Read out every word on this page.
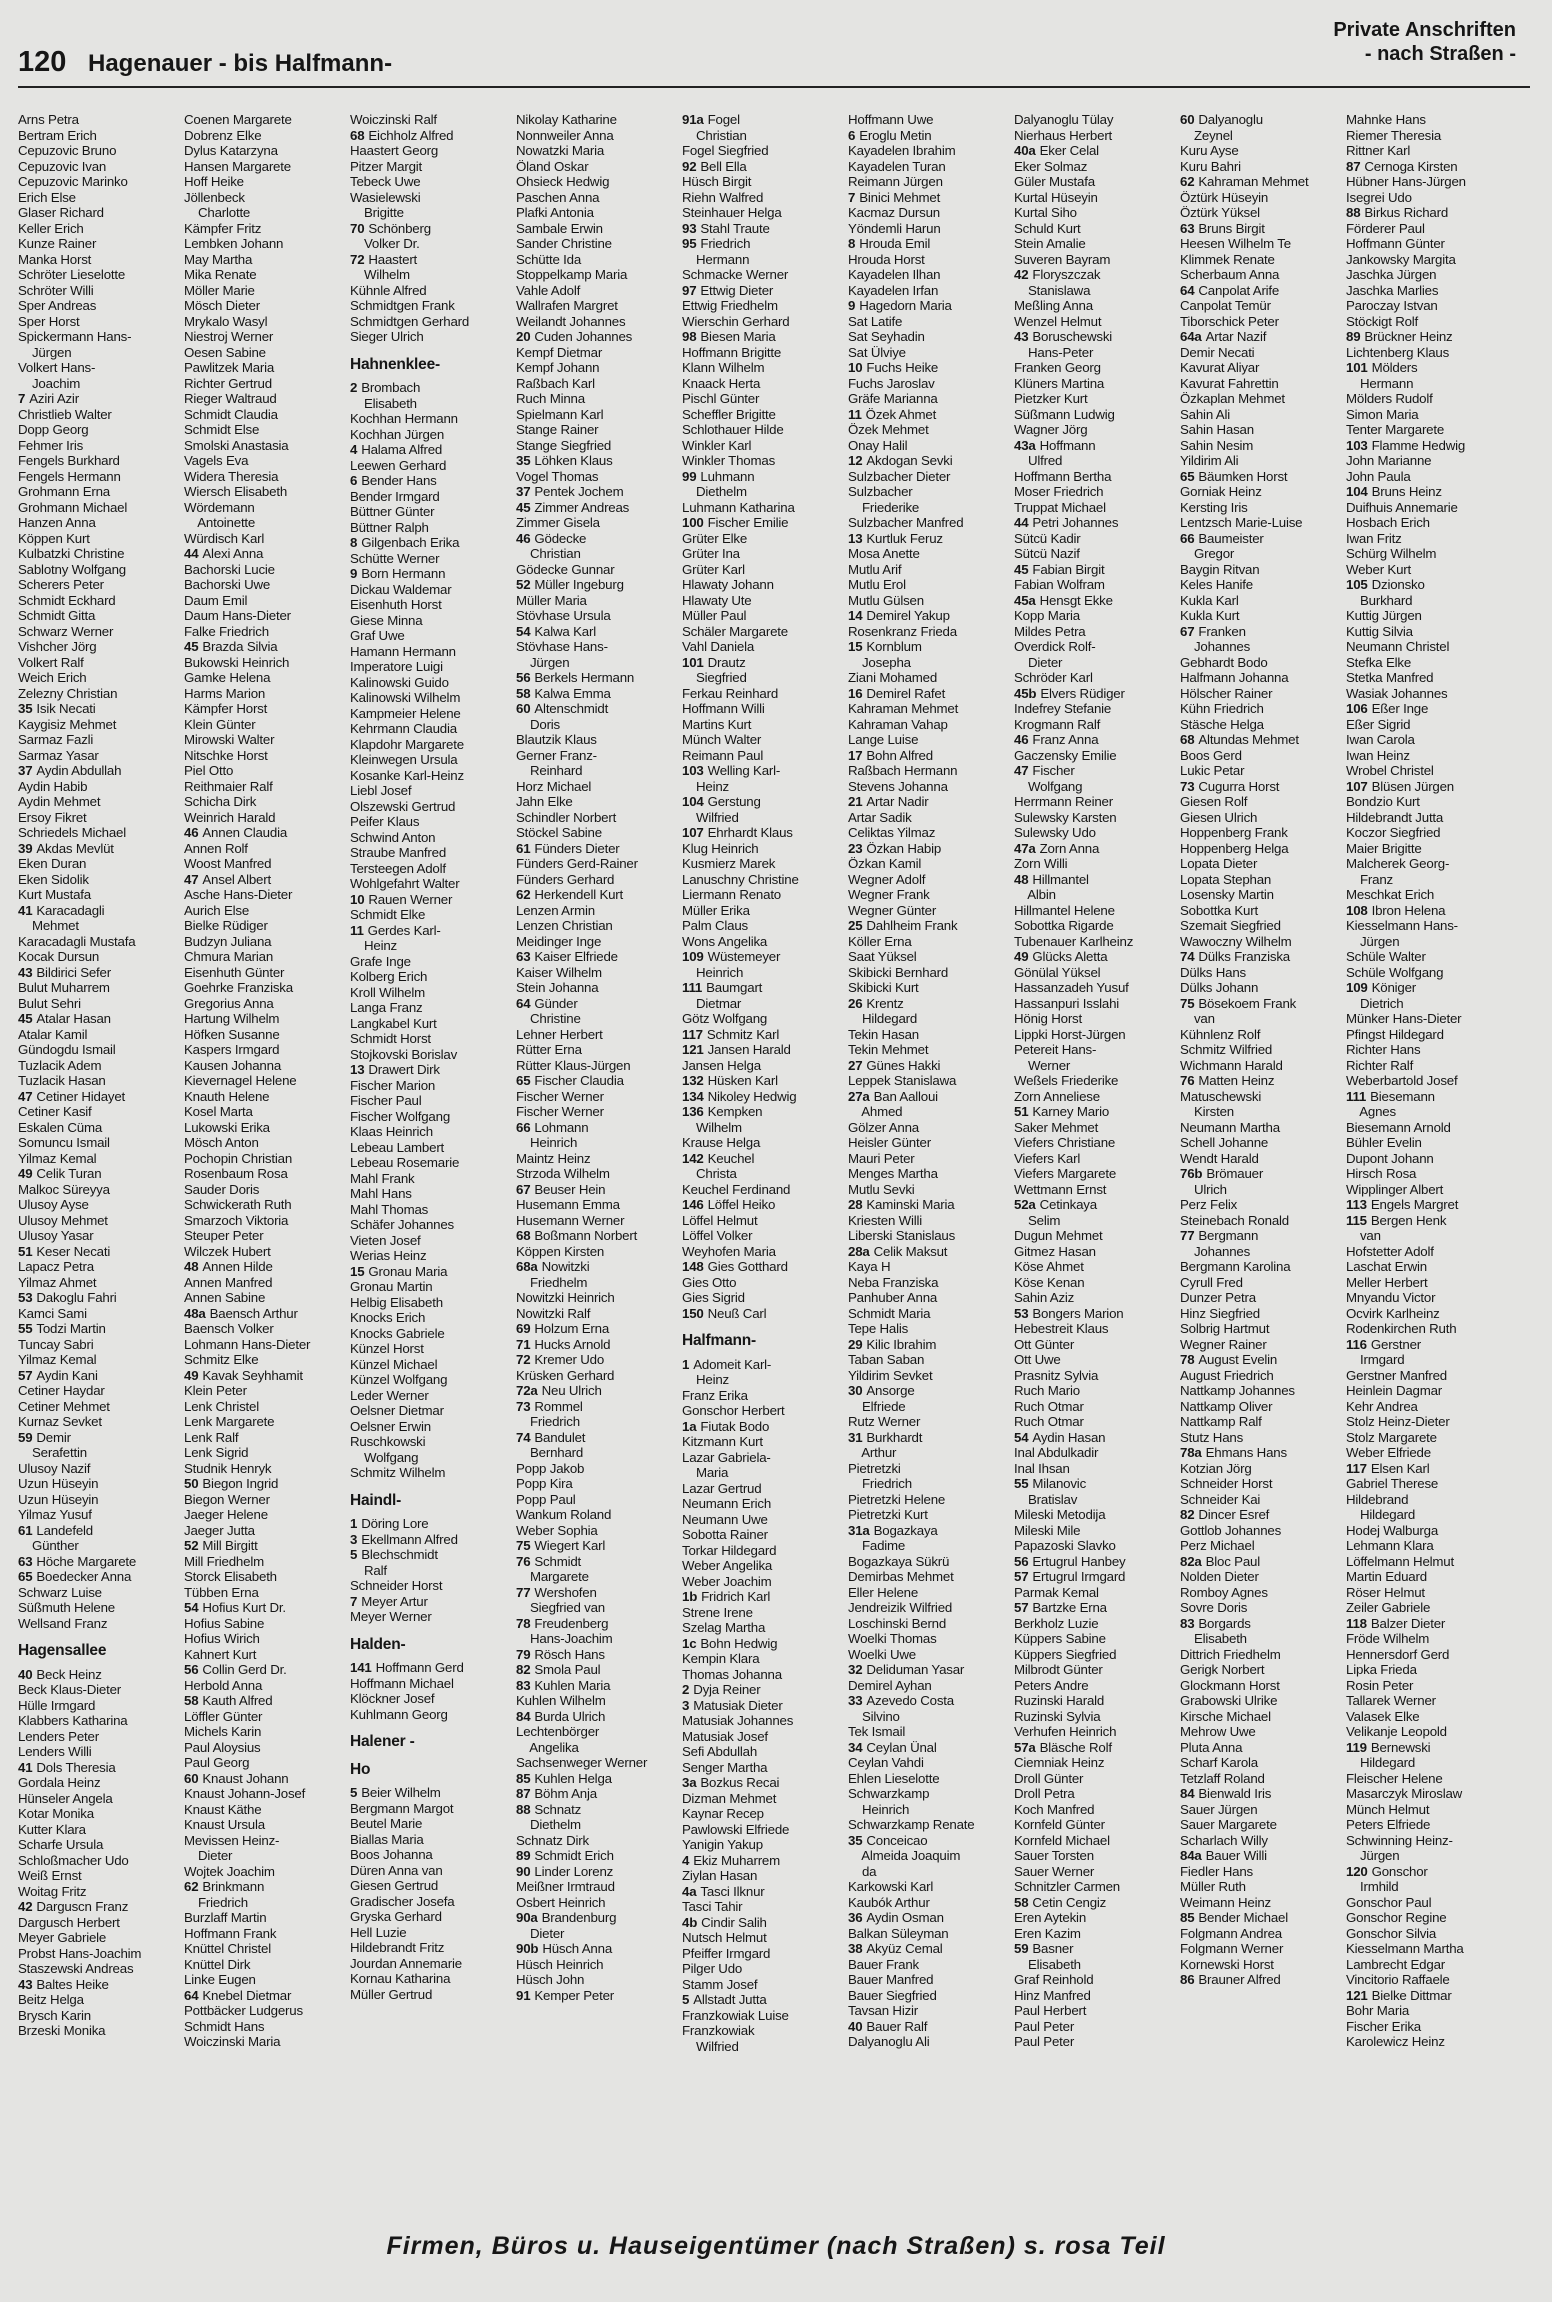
120 Hagenauer - bis Halfmann-
Private Anschriften
- nach Straßen -
Arns Petra
Bertram Erich
Cepuzovic Bruno
Cepuzovic Ivan
Cepuzovic Marinko
Erich Else
Glaser Richard
Keller Erich
Kunze Rainer
Manka Horst
Schröter Lieselotte
Schröter Willi
Sper Andreas
Sper Horst
Spickermann Hans-
Jürgen
Volkert Hans-
Joachim
7 Aziri Azir
Christlieb Walter
Dopp Georg
Fehmer Iris
Fengels Burkhard
Fengels Hermann
Grohmann Erna
Grohmann Michael
Hanzen Anna
Köppen Kurt
Kulbatzki Christine
Sablotny Wolfgang
Scherers Peter
Schmidt Eckhard
Schmidt Gitta
Schwarz Werner
Vishcher Jörg
Volkert Ralf
Weich Erich
Zelezny Christian
35 Isik Necati
Kaygisiz Mehmet
Sarmaz Fazli
Sarmaz Yasar
37 Aydin Abdullah
Aydin Habib
Aydin Mehmet
Ersoy Fikret
Schriedels Michael
39 Akdas Mevlüt
Eken Duran
Eken Sidolik
Kurt Mustafa
41 Karacadagli
Mehmet
Karacadagli Mustafa
Kocak Dursun
43 Bildirici Sefer
Bulut Muharrem
Bulut Sehri
45 Atalar Hasan
Atalar Kamil
Gündogdu Ismail
Tuzlacik Adem
Tuzlacik Hasan
47 Cetiner Hidayet
Cetiner Kasif
Eskalen Cüma
Somuncu Ismail
Yilmaz Kemal
49 Celik Turan
Malkoc Süreyya
Ulusoy Ayse
Ulusoy Mehmet
Ulusoy Yasar
51 Keser Necati
Lapacz Petra
Yilmaz Ahmet
53 Dakoglu Fahri
Kamci Sami
55 Todzi Martin
Tuncay Sabri
Yilmaz Kemal
57 Aydin Kani
Cetiner Haydar
Cetiner Mehmet
Kurnaz Sevket
59 Demir
Serafettin
Ulusoy Nazif
Uzun Hüseyin
Uzun Hüseyin
Yilmaz Yusuf
61 Landefeld
Günther
63 Höche Margarete
65 Boedecker Anna
Schwarz Luise
Süßmuth Helene
Wellsand Franz
Hagensallee
40 Beck Heinz
Beck Klaus-Dieter
Hülle Irmgard
Klabbers Katharina
Lenders Peter
Lenders Willi
41 Dols Theresia
Gordala Heinz
Hünseler Angela
Kotar Monika
Kutter Klara
Scharfe Ursula
Schloßmacher Udo
Weiß Ernst
Woitag Fritz
42 Darguscn Franz
Dargusch Herbert
Meyer Gabriele
Probst Hans-Joachim
Staszewski Andreas
43 Baltes Heike
Beitz Helga
Brysch Karin
Brzeski Monika
Coenen Margarete
Dobrenz Elke
Dylus Katarzyna
Hansen Margarete
Hoff Heike
Jöllenbeck
Charlotte
Kämpfer Fritz
Lembken Johann
May Martha
Mika Renate
Möller Marie
Mösch Dieter
Mrykalo Wasyl
Niestroj Werner
Oesen Sabine
Pawlitzek Maria
Richter Gertrud
Rieger Waltraud
Schmidt Claudia
Schmidt Else
Smolski Anastasia
Vagels Eva
Widera Theresia
Wiersch Elisabeth
Wördemann
Antoinette
Würdisch Karl
44 Alexi Anna
Bachorski Lucie
Bachorski Uwe
Daum Emil
Daum Hans-Dieter
Falke Friedrich
45 Brazda Silvia
Bukowski Heinrich
Gamke Helena
Harms Marion
Kämpfer Horst
Klein Günter
Mirowski Walter
Nitschke Horst
Piel Otto
Reithmaier Ralf
Schicha Dirk
Weinrich Harald
46 Annen Claudia
Annen Rolf
Woost Manfred
47 Ansel Albert
Asche Hans-Dieter
Aurich Else
Bielke Rüdiger
Budzyn Juliana
Chmura Marian
Eisenhuth Günter
Goehrke Franziska
Gregorius Anna
Hartung Wilhelm
Höfken Susanne
Kaspers Irmgard
Kausen Johanna
Kievernagel Helene
Knauth Helene
Kosel Marta
Lukowski Erika
Mösch Anton
Pochopin Christian
Rosenbaum Rosa
Sauder Doris
Schwickerath Ruth
Smarzoch Viktoria
Steuper Peter
Wilczek Hubert
48 Annen Hilde
Annen Manfred
Annen Sabine
48a Baensch Arthur
Baensch Volker
Lohmann Hans-Dieter
Schmitz Elke
49 Kavak Seyhhamit
Klein Peter
Lenk Christel
Lenk Margarete
Lenk Ralf
Lenk Sigrid
Studnik Henryk
50 Biegon Ingrid
Biegon Werner
Jaeger Helene
Jaeger Jutta
52 Mill Birgitt
Mill Friedhelm
Storck Elisabeth
Tübben Erna
54 Hofius Kurt Dr.
Hofius Sabine
Hofius Wirich
Kahnert Kurt
56 Collin Gerd Dr.
Herbold Anna
58 Kauth Alfred
Löffler Günter
Michels Karin
Paul Aloysius
Paul Georg
60 Knaust Johann
Knaust Johann-Josef
Knaust Käthe
Knaust Ursula
Mevissen Heinz-
Dieter
Wojtek Joachim
62 Brinkmann
Friedrich
Burzlaff Martin
Hoffmann Frank
Knüttel Christel
Knüttel Dirk
Linke Eugen
64 Knebel Dietmar
Pottbäcker Ludgerus
Schmidt Hans
Woiczinski Maria
Woiczinski Ralf
68 Eichholz Alfred
Haastert Georg
Pitzer Margit
Tebeck Uwe
Wasielewski
Brigitte
70 Schönberg
Volker Dr.
72 Haastert
Wilhelm
Kühnle Alfred
Schmidtgen Frank
Schmidtgen Gerhard
Sieger Ulrich
Hahnenklee-
2 Brombach
Elisabeth
Kochhan Hermann
Kochhan Jürgen
4 Halama Alfred
Leewen Gerhard
6 Bender Hans
Bender Irmgard
Büttner Günter
Büttner Ralph
8 Gilgenbach Erika
Schütte Werner
9 Born Hermann
Dickau Waldemar
Eisenhuth Horst
Giese Minna
Graf Uwe
Hamann Hermann
Imperatore Luigi
Kalinowski Guido
Kalinowski Wilhelm
Kampmeier Helene
Kehrmann Claudia
Klapdohr Margarete
Kleinwegen Ursula
Kosanke Karl-Heinz
Liebl Josef
Olszewski Gertrud
Peifer Klaus
Schwind Anton
Straube Manfred
Tersteegen Adolf
Wohlgefahrt Walter
10 Rauen Werner
Schmidt Elke
11 Gerdes Karl-
Heinz
Grafe Inge
Kolberg Erich
Kroll Wilhelm
Langa Franz
Langkabel Kurt
Schmidt Horst
Stojkovski Borislav
13 Drawert Dirk
Fischer Marion
Fischer Paul
Fischer Wolfgang
Klaas Heinrich
Lebeau Lambert
Lebeau Rosemarie
Mahl Frank
Mahl Hans
Mahl Thomas
Schäfer Johannes
Vieten Josef
Werias Heinz
15 Gronau Maria
Gronau Martin
Helbig Elisabeth
Knocks Erich
Knocks Gabriele
Künzel Horst
Künzel Michael
Künzel Wolfgang
Leder Werner
Oelsner Dietmar
Oelsner Erwin
Ruschkowski
Wolfgang
Schmitz Wilhelm
Haindl-
1 Döring Lore
3 Ekellmann Alfred
5 Blechschmidt
Ralf
Schneider Horst
7 Meyer Artur
Meyer Werner
Halden-
141 Hoffmann Gerd
Hoffmann Michael
Klöckner Josef
Kuhlmann Georg
Halener -
Ho
5 Beier Wilhelm
Bergmann Margot
Beutel Marie
Biallas Maria
Boos Johanna
Düren Anna van
Giesen Gertrud
Gradischer Josefa
Gryska Gerhard
Hell Luzie
Hildebrandt Fritz
Jourdan Annemarie
Kornau Katharina
Müller Gertrud
Nikolay Katharine
Nonnweiler Anna
Nowatzki Maria
Öland Oskar
Ohsieck Hedwig
Paschen Anna
Plafki Antonia
Sambale Erwin
Sander Christine
Schütte Ida
Stoppelkamp Maria
Vahle Adolf
Wallrafen Margret
Weilandt Johannes
20 Cuden Johannes
Kempf Dietmar
Kempf Johann
Raßbach Karl
Ruch Minna
Spielmann Karl
Stange Rainer
Stange Siegfried
35 Löhken Klaus
Vogel Thomas
37 Pentek Jochem
45 Zimmer Andreas
Zimmer Gisela
46 Gödecke
Christian
Gödecke Gunnar
52 Müller Ingeburg
Müller Maria
Stövhase Ursula
54 Kalwa Karl
Stövhase Hans-
Jürgen
56 Berkels Hermann
58 Kalwa Emma
60 Altenschmidt
Doris
Blautzik Klaus
Gerner Franz-
Reinhard
Horz Michael
Jahn Elke
Schindler Norbert
Stöckel Sabine
61 Fünders Dieter
Fünders Gerd-Rainer
Fünders Gerhard
62 Herkendell Kurt
Lenzen Armin
Lenzen Christian
Meidinger Inge
63 Kaiser Elfriede
Kaiser Wilhelm
Stein Johanna
64 Günder
Christine
Lehner Herbert
Rütter Erna
Rütter Klaus-Jürgen
65 Fischer Claudia
Fischer Werner
Fischer Werner
66 Lohmann
Heinrich
Maintz Heinz
Strzoda Wilhelm
67 Beuser Hein
Husemann Emma
Husemann Werner
68 Boßmann Norbert
Köppen Kirsten
68a Nowitzki
Friedhelm
Nowitzki Heinrich
Nowitzki Ralf
69 Holzum Erna
71 Hucks Arnold
72 Kremer Udo
Krüsken Gerhard
72a Neu Ulrich
73 Rommel
Friedrich
74 Bandulet
Bernhard
Popp Jakob
Popp Kira
Popp Paul
Wankum Roland
Weber Sophia
75 Wiegert Karl
76 Schmidt
Margarete
77 Wershofen
Siegfried van
78 Freudenberg
Hans-Joachim
79 Rösch Hans
82 Smola Paul
83 Kuhlen Maria
Kuhlen Wilhelm
84 Burda Ulrich
Lechtenbörger
Angelika
Sachsenweger Werner
85 Kuhlen Helga
87 Böhm Anja
88 Schnatz
Diethelm
Schnatz Dirk
89 Schmidt Erich
90 Linder Lorenz
Meißner Irmtraud
Osbert Heinrich
90a Brandenburg
Dieter
90b Hüsch Anna
Hüsch Heinrich
Hüsch John
91 Kemper Peter
91a Fogel
Christian
Fogel Siegfried
92 Bell Ella
Hüsch Birgit
Riehn Walfred
Steinhauer Helga
93 Stahl Traute
95 Friedrich
Hermann
Schmacke Werner
97 Ettwig Dieter
Ettwig Friedhelm
Wierschin Gerhard
98 Biesen Maria
Hoffmann Brigitte
Klann Wilhelm
Knaack Herta
Pischl Günter
Scheffler Brigitte
Schlothauer Hilde
Winkler Karl
Winkler Thomas
99 Luhmann
Diethelm
Luhmann Katharina
100 Fischer Emilie
Grüter Elke
Grüter Ina
Grüter Karl
Hlawaty Johann
Hlawaty Ute
Müller Paul
Schäler Margarete
Vahl Daniela
101 Drautz
Siegfried
Ferkau Reinhard
Hoffmann Willi
Martins Kurt
Münch Walter
Reimann Paul
103 Welling Karl-
Heinz
104 Gerstung
Wilfried
107 Ehrhardt Klaus
Klug Heinrich
Kusmierz Marek
Lanuschny Christine
Liermann Renato
Müller Erika
Palm Claus
Wons Angelika
109 Wüstemeyer
Heinrich
111 Baumgart
Dietmar
Götz Wolfgang
117 Schmitz Karl
121 Jansen Harald
Jansen Helga
132 Hüsken Karl
134 Nikoley Hedwig
136 Kempken
Wilhelm
Krause Helga
142 Keuchel
Christa
Keuchel Ferdinand
146 Löffel Heiko
Löffel Helmut
Löffel Volker
Weyhofen Maria
148 Gies Gotthard
Gies Otto
Gies Sigrid
150 Neuß Carl
Halfmann-
1 Adomeit Karl-
Heinz
Franz Erika
Gonschor Herbert
1a Fiutak Bodo
Kitzmann Kurt
Lazar Gabriela-
Maria
Lazar Gertrud
Neumann Erich
Neumann Uwe
Sobotta Rainer
Torkar Hildegard
Weber Angelika
Weber Joachim
1b Fridrich Karl
Strene Irene
Szelag Martha
1c Bohn Hedwig
Kempin Klara
Thomas Johanna
2 Dyja Reiner
3 Matusiak Dieter
Matusiak Johannes
Matusiak Josef
Sefi Abdullah
Senger Martha
3a Bozkus Recai
Dizman Mehmet
Kaynar Recep
Pawlowski Elfriede
Yanigin Yakup
4 Ekiz Muharrem
Ziylan Hasan
4a Tasci Ilknur
Tasci Tahir
4b Cindir Salih
Nutsch Helmut
Pfeiffer Irmgard
Pilger Udo
Stamm Josef
5 Allstadt Jutta
Franzkowiak Luise
Franzkowiak
Wilfried
Hoffmann Uwe
6 Eroglu Metin
Kayadelen Ibrahim
Kayadelen Turan
Reimann Jürgen
7 Binici Mehmet
Kacmaz Dursun
Yöndemli Harun
8 Hrouda Emil
Hrouda Horst
Kayadelen Ilhan
Kayadelen Irfan
9 Hagedorn Maria
Sat Latife
Sat Seyhadin
Sat Ülviye
10 Fuchs Heike
Fuchs Jaroslav
Gräfe Marianna
11 Özek Ahmet
Özek Mehmet
Onay Halil
12 Akdogan Sevki
Sulzbacher Dieter
Sulzbacher
Friederike
Sulzbacher Manfred
13 Kurtluk Feruz
Mosa Anette
Mutlu Arif
Mutlu Erol
Mutlu Gülsen
14 Demirel Yakup
Rosenkranz Frieda
15 Kornblum
Josepha
Ziani Mohamed
16 Demirel Rafet
Kahraman Mehmet
Kahraman Vahap
Lange Luise
17 Bohn Alfred
Raßbach Hermann
Stevens Johanna
21 Artar Nadir
Artar Sadik
Celiktas Yilmaz
23 Özkan Habip
Özkan Kamil
Wegner Adolf
Wegner Frank
Wegner Günter
25 Dahlheim Frank
Köller Erna
Saat Yüksel
Skibicki Bernhard
Skibicki Kurt
26 Krentz
Hildegard
Tekin Hasan
Tekin Mehmet
27 Günes Hakki
Leppek Stanislawa
27a Ban Aalloui
Ahmed
Gölzer Anna
Heisler Günter
Mauri Peter
Menges Martha
Mutlu Sevki
28 Kaminski Maria
Kriesten Willi
Liberski Stanislaus
28a Celik Maksut
Kaya H
Neba Franziska
Panhuber Anna
Schmidt Maria
Tepe Halis
29 Kilic Ibrahim
Taban Saban
Yildirim Sevket
30 Ansorge
Elfriede
Rutz Werner
31 Burkhardt
Arthur
Pietretzki
Friedrich
Pietretzki Helene
Pietretzki Kurt
31a Bogazkaya
Fadime
Bogazkaya Sükrü
Demirbas Mehmet
Eller Helene
Jendreizik Wilfried
Loschinski Bernd
Woelki Thomas
Woelki Uwe
32 Deliduman Yasar
Demirel Ayhan
33 Azevedo Costa
Silvino
Tek Ismail
34 Ceylan Ünal
Ceylan Vahdi
Ehlen Lieselotte
Schwarzkamp
Heinrich
Schwarzkamp Renate
35 Conceicao
Almeida Joaquim
da
Karkowski Karl
Kaubók Arthur
36 Aydin Osman
Balkan Süleyman
38 Akyüz Cemal
Bauer Frank
Bauer Manfred
Bauer Siegfried
Tavsan Hizir
40 Bauer Ralf
Dalyanoglu Ali
Dalyanoglu Tülay
Nierhaus Herbert
40a Eker Celal
Eker Solmaz
Güler Mustafa
Kurtal Hüseyin
Kurtal Siho
Schuld Kurt
Stein Amalie
Suveren Bayram
42 Floryszczak
Stanislawa
Meßling Anna
Wenzel Helmut
43 Boruschewski
Hans-Peter
Franken Georg
Klüners Martina
Pietzker Kurt
Süßmann Ludwig
Wagner Jörg
43a Hoffmann
Ulfred
Hoffmann Bertha
Moser Friedrich
Truppat Michael
44 Petri Johannes
Sütcü Kadir
Sütcü Nazif
45 Fabian Birgit
Fabian Wolfram
45a Hensgt Ekke
Kopp Maria
Mildes Petra
Overdick Rolf-
Dieter
Schröder Karl
45b Elvers Rüdiger
Indefrey Stefanie
Krogmann Ralf
46 Franz Anna
Gaczensky Emilie
47 Fischer
Wolfgang
Herrmann Reiner
Sulewsky Karsten
Sulewsky Udo
47a Zorn Anna
Zorn Willi
48 Hillmantel
Albin
Hillmantel Helene
Sobottka Rigarde
Tubenauer Karlheinz
49 Glücks Aletta
Gönülal Yüksel
Hassanzadeh Yusuf
Hassanpuri Isslahi
Hönig Horst
Lippki Horst-Jürgen
Petereit Hans-
Werner
Weßels Friederike
Zorn Anneliese
51 Karney Mario
Saker Mehmet
Viefers Christiane
Viefers Karl
Viefers Margarete
Wettmann Ernst
52a Cetinkaya
Selim
Dugun Mehmet
Gitmez Hasan
Köse Ahmet
Köse Kenan
Sahin Aziz
53 Bongers Marion
Hebestreit Klaus
Ott Günter
Ott Uwe
Prasnitz Sylvia
Ruch Mario
Ruch Otmar
Ruch Otmar
54 Aydin Hasan
Inal Abdulkadir
Inal Ihsan
55 Milanovic
Bratislav
Mileski Metodija
Mileski Mile
Papazoski Slavko
56 Ertugrul Hanbey
57 Ertugrul Irmgard
Parmak Kemal
57 Bartzke Erna
Berkholz Luzie
Küppers Sabine
Küppers Siegfried
Milbrodt Günter
Peters Andre
Ruzinski Harald
Ruzinski Sylvia
Verhufen Heinrich
57a Bläsche Rolf
Ciemniak Heinz
Droll Günter
Droll Petra
Koch Manfred
Kornfeld Günter
Kornfeld Michael
Sauer Torsten
Sauer Werner
Schnitzler Carmen
58 Cetin Cengiz
Eren Aytekin
Eren Kazim
59 Basner
Elisabeth
Graf Reinhold
Hinz Manfred
Paul Herbert
Paul Peter
Paul Peter
60 Dalyanoglu
Zeynel
Kuru Ayse
Kuru Bahri
62 Kahraman Mehmet
Öztürk Hüseyin
Öztürk Yüksel
63 Bruns Birgit
Heesen Wilhelm Te
Klimmek Renate
Scherbaum Anna
64 Canpolat Arife
Canpolat Temür
Tiborschick Peter
64a Artar Nazif
Demir Necati
Kavurat Aliyar
Kavurat Fahrettin
Özkaplan Mehmet
Sahin Ali
Sahin Hasan
Sahin Nesim
Yildirim Ali
65 Bäumken Horst
Gorniak Heinz
Kersting Iris
Lentzsch Marie-Luise
66 Baumeister
Gregor
Baygin Ritvan
Keles Hanife
Kukla Karl
Kukla Kurt
67 Franken
Johannes
Gebhardt Bodo
Halfmann Johanna
Hölscher Rainer
Kühn Friedrich
Stäsche Helga
68 Altundas Mehmet
Boos Gerd
Lukic Petar
73 Cugurra Horst
Giesen Rolf
Giesen Ulrich
Hoppenberg Frank
Hoppenberg Helga
Lopata Dieter
Lopata Stephan
Losensky Martin
Sobottka Kurt
Szemait Siegfried
Wawoczny Wilhelm
74 Dülks Franziska
Dülks Hans
Dülks Johann
75 Bösekoem Frank
van
Kühnlenz Rolf
Schmitz Wilfried
Wichmann Harald
76 Matten Heinz
Matuschewski
Kirsten
Neumann Martha
Schell Johanne
Wendt Harald
76b Brömauer
Ulrich
Perz Felix
Steinebach Ronald
77 Bergmann
Johannes
Bergmann Karolina
Cyrull Fred
Dunzer Petra
Hinz Siegfried
Solbrig Hartmut
Wegner Rainer
78 August Evelin
August Friedrich
Nattkamp Johannes
Nattkamp Oliver
Nattkamp Ralf
Stutz Hans
78a Ehmans Hans
Kotzian Jörg
Schneider Horst
Schneider Kai
82 Dincer Esref
Gottlob Johannes
Perz Michael
82a Bloc Paul
Nolden Dieter
Romboy Agnes
Sovre Doris
83 Borgards
Elisabeth
Dittrich Friedhelm
Gerigk Norbert
Glockmann Horst
Grabowski Ulrike
Kirsche Michael
Mehrow Uwe
Pluta Anna
Scharf Karola
Tetzlaff Roland
84 Bienwald Iris
Sauer Jürgen
Sauer Margarete
Scharlach Willy
84a Bauer Willi
Fiedler Hans
Müller Ruth
Weimann Heinz
85 Bender Michael
Folgmann Andrea
Folgmann Werner
Kornewski Horst
86 Brauner Alfred
Mahnke Hans
Riemer Theresia
Rittner Karl
87 Cernoga Kirsten
Hübner Hans-Jürgen
Isegrei Udo
88 Birkus Richard
Förderer Paul
Hoffmann Günter
Jankowsky Margita
Jaschka Jürgen
Jaschka Marlies
Paroczay Istvan
Stöckigt Rolf
89 Brückner Heinz
Lichtenberg Klaus
101 Mölders
Hermann
Mölders Rudolf
Simon Maria
Tenter Margarete
103 Flamme Hedwig
John Marianne
John Paula
104 Bruns Heinz
Duifhuis Annemarie
Hosbach Erich
Iwan Fritz
Schürg Wilhelm
Weber Kurt
105 Dzionsko
Burkhard
Kuttig Jürgen
Kuttig Silvia
Neumann Christel
Stefka Elke
Stetka Manfred
Wasiak Johannes
106 Eßer Inge
Eßer Sigrid
Iwan Carola
Iwan Heinz
Wrobel Christel
107 Blüsen Jürgen
Bondzio Kurt
Hildebrandt Jutta
Koczor Siegfried
Maier Brigitte
Malcherek Georg-
Franz
Meschkat Erich
108 Ibron Helena
Kiesselmann Hans-
Jürgen
Schüle Walter
Schüle Wolfgang
109 Königer
Dietrich
Münker Hans-Dieter
Pfingst Hildegard
Richter Hans
Richter Ralf
Weberbartold Josef
111 Biesemann
Agnes
Biesemann Arnold
Bühler Evelin
Dupont Johann
Hirsch Rosa
Wipplinger Albert
113 Engels Margret
115 Bergen Henk
van
Hofstetter Adolf
Laschat Erwin
Meller Herbert
Mnyandu Victor
Ocvirk Karlheinz
Rodenkirchen Ruth
116 Gerstner
Irmgard
Gerstner Manfred
Heinlein Dagmar
Kehr Andrea
Stolz Heinz-Dieter
Stolz Margarete
Weber Elfriede
117 Elsen Karl
Gabriel Therese
Hildebrand
Hildegard
Hodej Walburga
Lehmann Klara
Löffelmann Helmut
Martin Eduard
Röser Helmut
Zeiler Gabriele
118 Balzer Dieter
Fröde Wilhelm
Hennersdorf Gerd
Lipka Frieda
Rosin Peter
Tallarek Werner
Valasek Elke
Velikanje Leopold
119 Bernewski
Hildegard
Fleischer Helene
Masarczyk Miroslaw
Münch Helmut
Peters Elfriede
Schwinning Heinz-
Jürgen
120 Gonschor
Irmhild
Gonschor Paul
Gonschor Regine
Gonschor Silvia
Kiesselmann Martha
Lambrecht Edgar
Vincitorio Raffaele
121 Bielke Dittmar
Bohr Maria
Fischer Erika
Karolewicz Heinz
Firmen, Büros u. Hauseigentümer (nach Straßen) s. rosa Teil
